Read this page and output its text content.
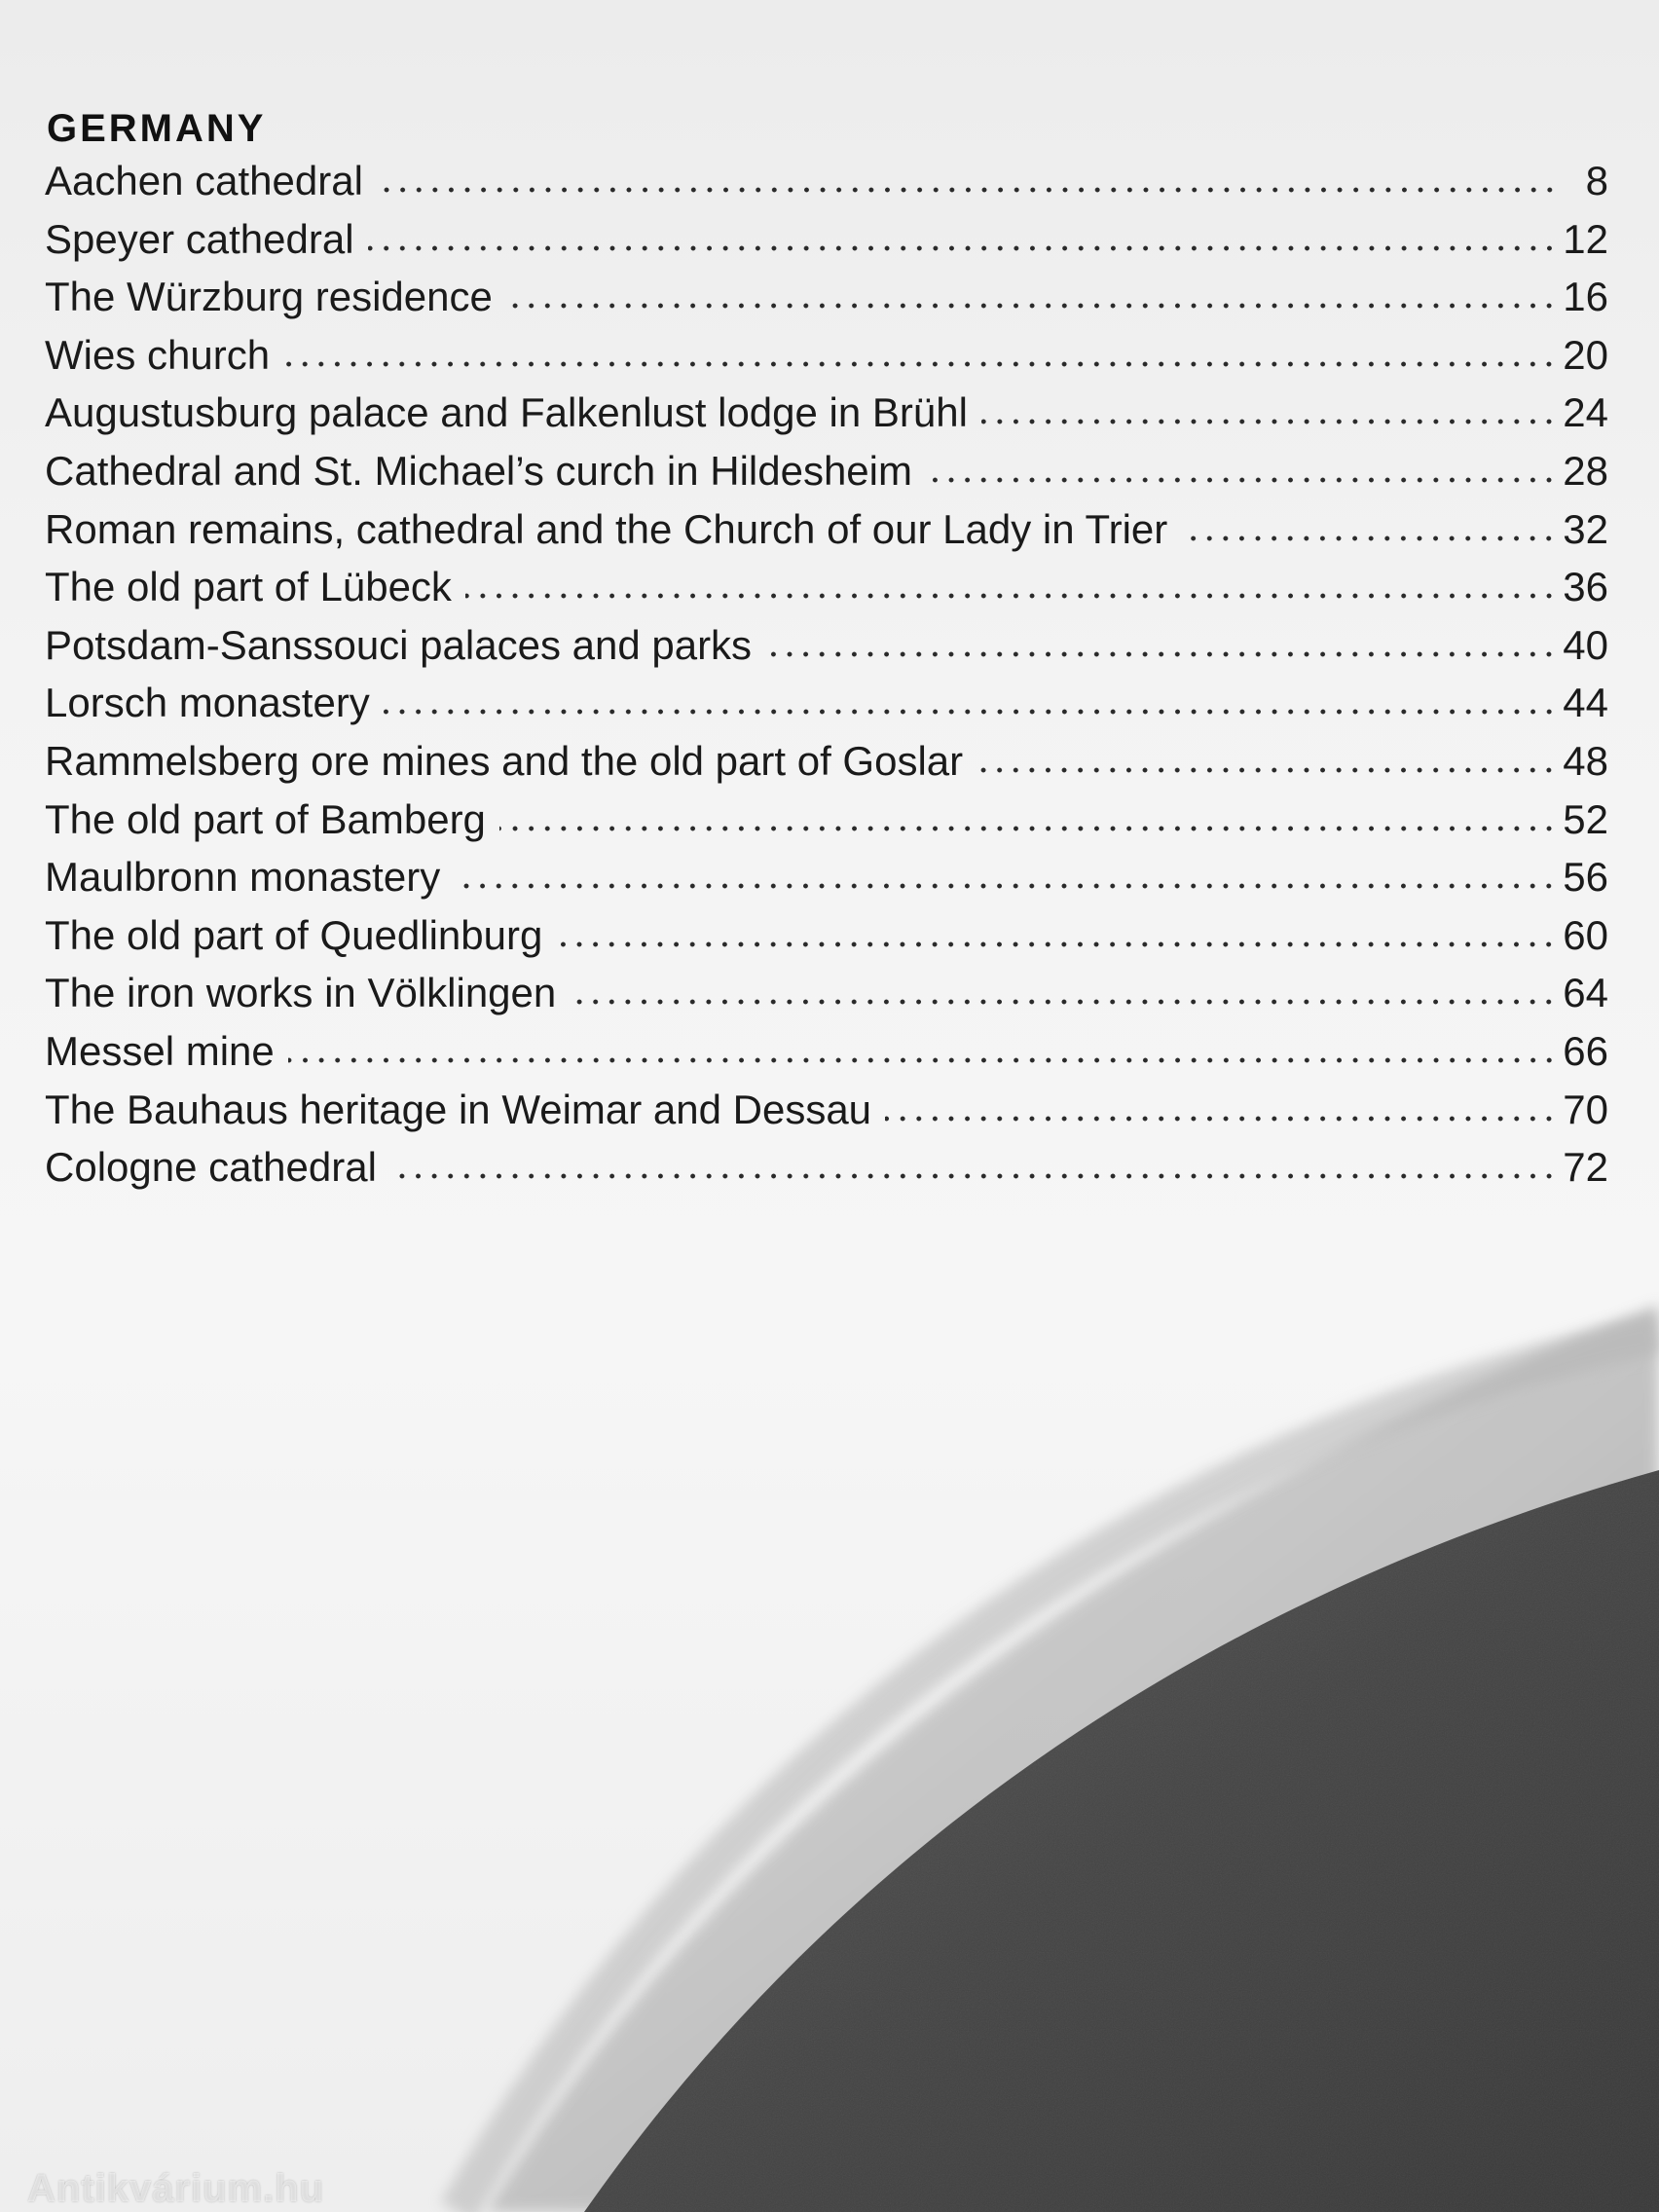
GERMANY
Aachen cathedral	8
Speyer cathedral	12
The Würzburg residence	16
Wies church	20
Augustusburg palace and Falkenlust lodge in Brühl	24
Cathedral and St. Michael’s curch in Hildesheim	28
Roman remains, cathedral and the Church of our Lady in Trier	32
The old part of Lübeck	36
Potsdam-Sanssouci palaces and parks	40
Lorsch monastery	44
Rammelsberg ore mines and the old part of Goslar	48
The old part of Bamberg	52
Maulbronn monastery	56
The old part of Quedlinburg	60
The iron works in Völklingen	64
Messel mine	66
The Bauhaus heritage in Weimar and Dessau	70
Cologne cathedral	72
Antikvárium.hu
